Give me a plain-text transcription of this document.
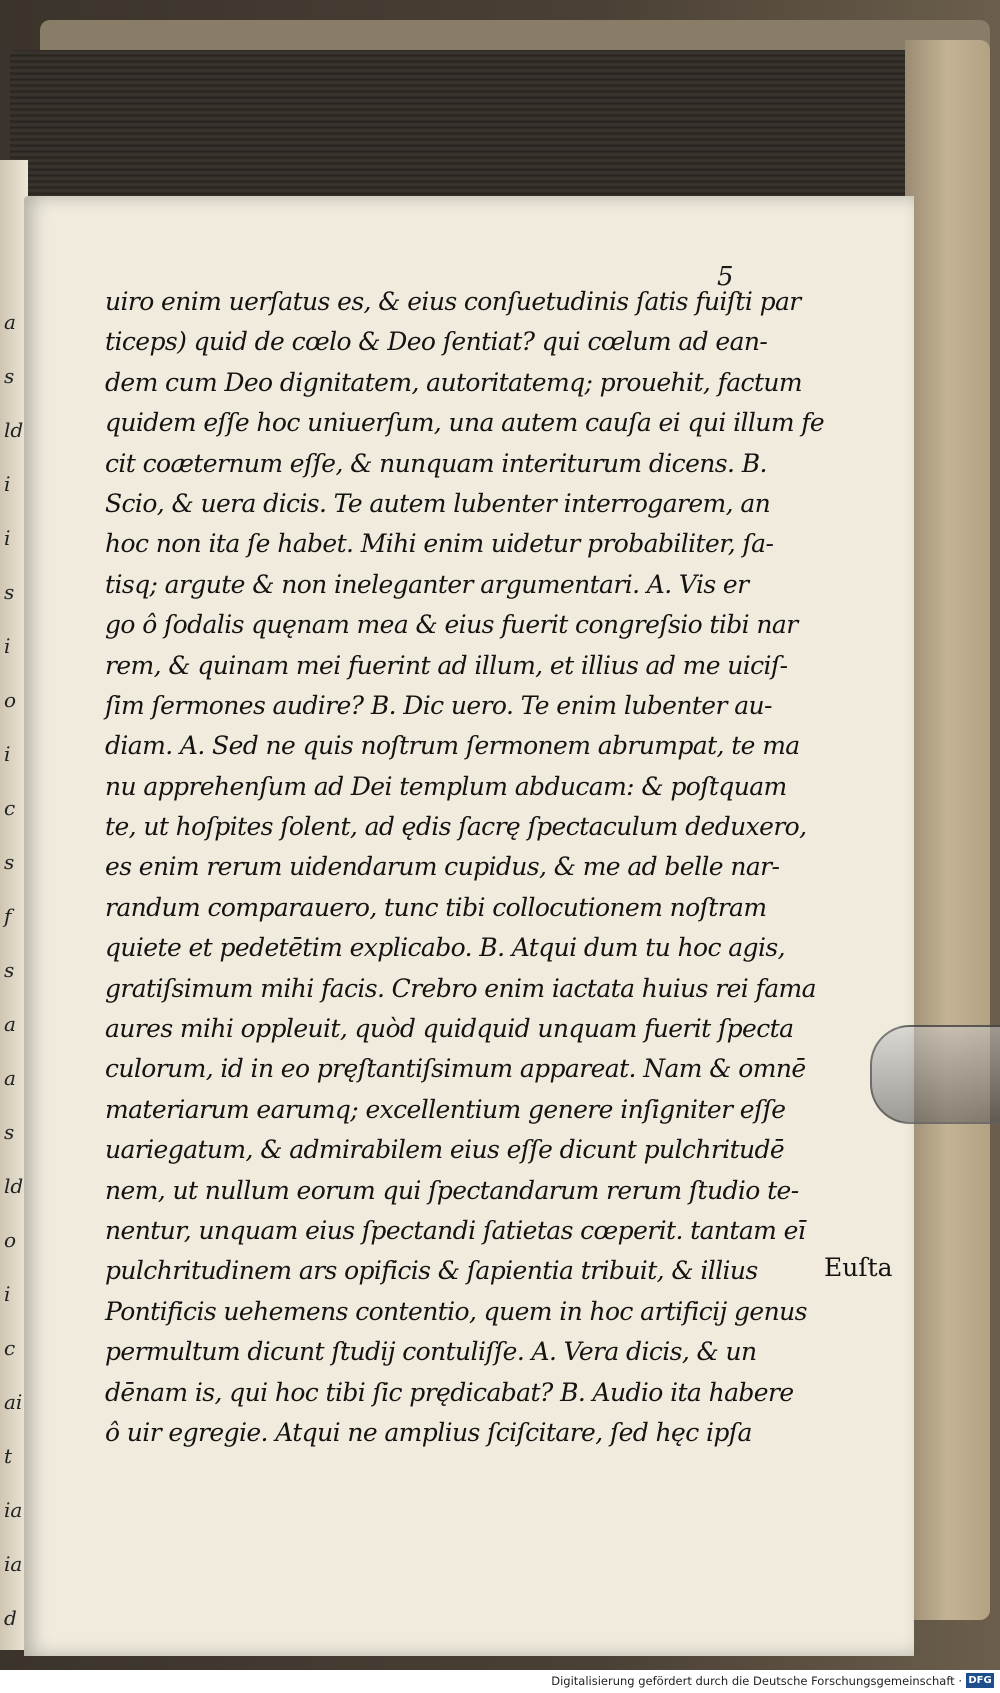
a
s
ld
i
i
s
i
o
i
c
s
f
s
a
a
s
ld
o
i
c
ai
t
ia
ia
d
5
uiro enim uerſatus es, & eius conſuetudinis ſatis fuiſti par
ticeps) quid de cœlo & Deo ſentiat? qui cœlum ad ean-
dem cum Deo dignitatem, autoritatemq; prouehit, factum
quidem eſſe hoc uniuerſum, una autem cauſa ei qui illum fe
cit coæternum eſſe, & nunquam interiturum dicens. B.
Scio, & uera dicis. Te autem lubenter interrogarem, an
hoc non ita ſe habet. Mihi enim uidetur probabiliter, ſa-
tisq; argute & non ineleganter argumentari. A. Vis er
go ô ſodalis quęnam mea & eius fuerit congreſsio tibi nar
rem, & quinam mei fuerint ad illum, et illius ad me uiciſ-
ſim ſermones audire? B. Dic uero. Te enim lubenter au-
diam. A. Sed ne quis noſtrum ſermonem abrumpat, te ma
nu apprehenſum ad Dei templum abducam: & poſtquam
te, ut hoſpites ſolent, ad ędis ſacrę ſpectaculum deduxero,
es enim rerum uidendarum cupidus, & me ad belle nar-
randum comparauero, tunc tibi collocutionem noſtram
quiete et pedetētim explicabo. B. Atqui dum tu hoc agis,
gratiſsimum mihi facis. Crebro enim iactata huius rei fama
aures mihi oppleuit, quòd quidquid unquam fuerit ſpecta
culorum, id in eo pręſtantiſsimum appareat. Nam & omnē
materiarum earumq; excellentium genere inſigniter eſſe
uariegatum, & admirabilem eius eſſe dicunt pulchritudē
nem, ut nullum eorum qui ſpectandarum rerum ſtudio te-
nentur, unquam eius ſpectandi ſatietas cœperit. tantam eī
pulchritudinem ars opificis & ſapientia tribuit, & illius
Pontificis uehemens contentio, quem in hoc artificij genus
permultum dicunt ſtudij contuliſſe. A. Vera dicis, & un
dēnam is, qui hoc tibi ſic prędicabat? B. Audio ita habere
ô uir egregie. Atqui ne amplius ſciſcitare, ſed hęc ipſa
Euſta
Digitalisierung gefördert durch die Deutsche Forschungsgemeinschaft · DFG
